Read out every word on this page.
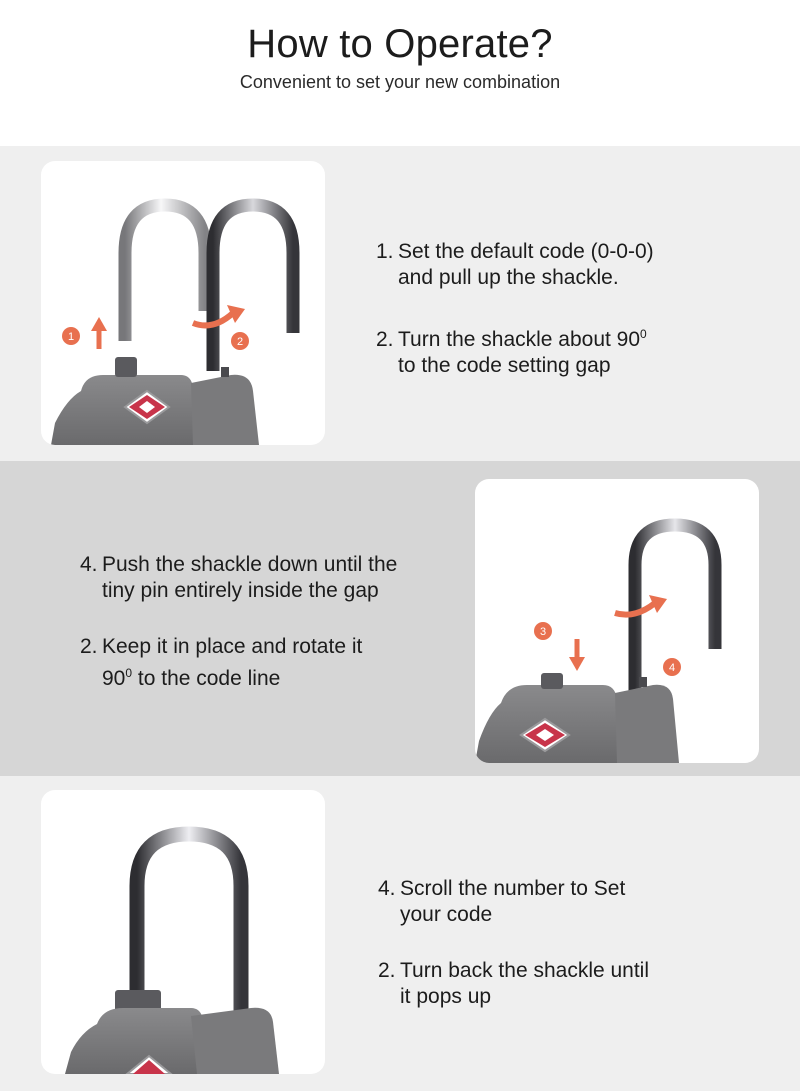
How to Operate?

Convenient to set your new combination

1	2

1. Set the default code (0-0-0)
and pull up the shackle.

2. Turn the shackle about $90^0$
to the code setting gap

4. Push the shackle down until the
tiny pin entirely inside the gap

2. Keep it in place and rotate it
$90^0$ to the code line

3
4

4. Scroll the number to Set
your code

2. Turn back the shackle until
it pops up
